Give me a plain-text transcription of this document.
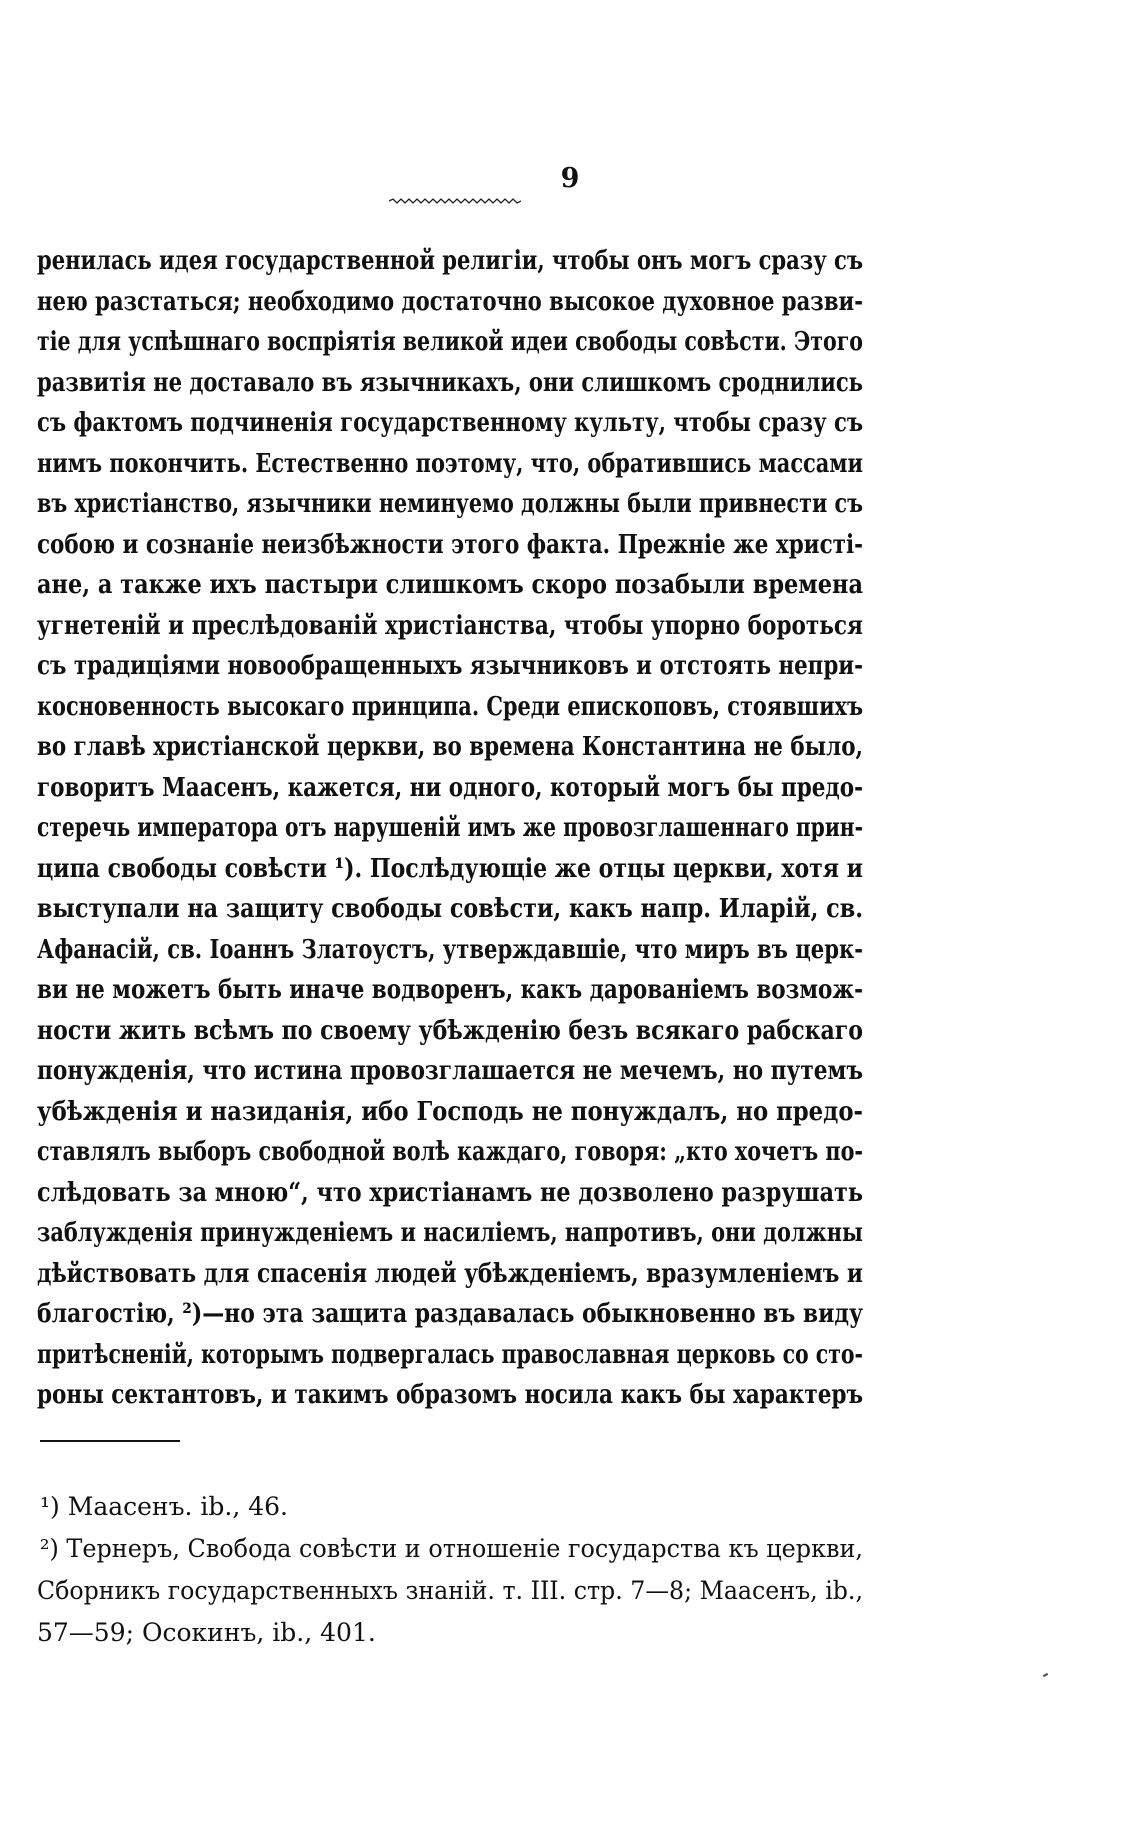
9
ренилась идея государственной религіи, чтобы онъ могъ сразу съ
нею разстаться; необходимо достаточно высокое духовное разви-
тіе для успѣшнаго воспріятія великой идеи свободы совѣсти. Этого
развитія не доставало въ язычникахъ, они слишкомъ сроднились
съ фактомъ подчиненія государственному культу, чтобы сразу съ
нимъ покончить. Естественно поэтому, что, обратившись массами
въ христіанство, язычники неминуемо должны были привнести съ
собою и сознаніе неизбѣжности этого факта. Прежніе же христі-
ане, а также ихъ пастыри слишкомъ скоро позабыли времена
угнетеній и преслѣдованій христіанства, чтобы упорно бороться
съ традиціями новообращенныхъ язычниковъ и отстоять непри-
косновенность высокаго принципа. Среди епископовъ, стоявшихъ
во главѣ христіанской церкви, во времена Константина не было,
говоритъ Маасенъ, кажется, ни одного, который могъ бы предо-
стеречь императора отъ нарушеній имъ же провозглашеннаго прин-
ципа свободы совѣсти ¹). Послѣдующіе же отцы церкви, хотя и
выступали на защиту свободы совѣсти, какъ напр. Иларій, св.
Афанасій, св. Іоаннъ Златоустъ, утверждавшіе, что миръ въ церк-
ви не можетъ быть иначе водворенъ, какъ дарованіемъ возмож-
ности жить всѣмъ по своему убѣжденію безъ всякаго рабскаго
понужденія, что истина провозглашается не мечемъ, но путемъ
убѣжденія и назиданія, ибо Господь не понуждалъ, но предо-
ставлялъ выборъ свободной волѣ каждаго, говоря: „кто хочетъ по-
слѣдовать за мною“, что христіанамъ не дозволено разрушать
заблужденія принужденіемъ и насиліемъ, напротивъ, они должны
дѣйствовать для спасенія людей убѣжденіемъ, вразумленіемъ и
благостію, ²)—но эта защита раздавалась обыкновенно въ виду
притѣсненій, которымъ подвергалась православная церковь со сто-
роны сектантовъ, и такимъ образомъ носила какъ бы характеръ
¹) Маасенъ. ib., 46.
²) Тернеръ, Свобода совѣсти и отношеніе государства къ церкви,
Сборникъ государственныхъ знаній. т. III. стр. 7—8; Маасенъ, ib.,
57—59; Осокинъ, ib., 401.
